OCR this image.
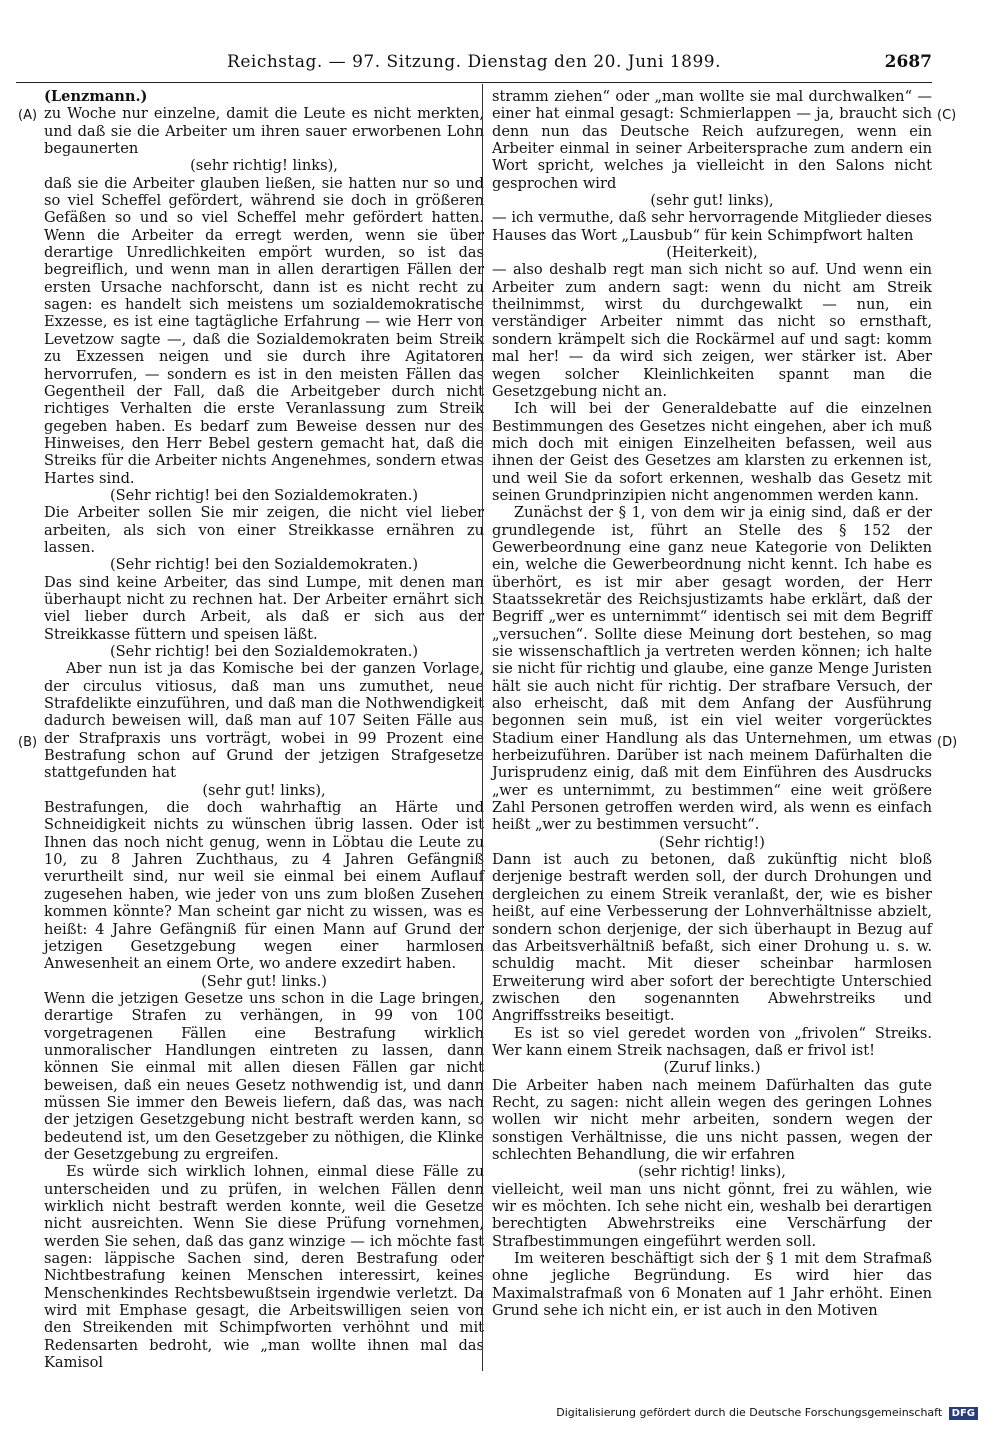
Reichstag. — 97. Sitzung. Dienstag den 20. Juni 1899.	2687

(Lenzmann.)

zu Woche nur einzelne, damit die Leute es nicht merkten, und daß sie die Arbeiter um ihren sauer erworbenen Lohn begaunerten

(sehr richtig! links),

daß sie die Arbeiter glauben ließen, sie hatten nur so und so viel Scheffel gefördert, während sie doch in größeren Gefäßen so und so viel Scheffel mehr gefördert hatten. Wenn die Arbeiter da erregt werden, wenn sie über derartige Unredlichkeiten empört wurden, so ist das begreiflich, und wenn man in allen derartigen Fällen der ersten Ursache nachforscht, dann ist es nicht recht zu sagen: es handelt sich meistens um sozialdemokratische Exzesse, es ist eine tagtägliche Erfahrung — wie Herr von Levetzow sagte —, daß die Sozialdemokraten beim Streik zu Exzessen neigen und sie durch ihre Agitatoren hervorrufen, — sondern es ist in den meisten Fällen das Gegentheil der Fall, daß die Arbeitgeber durch nicht richtiges Verhalten die erste Veranlassung zum Streik gegeben haben. Es bedarf zum Beweise dessen nur des Hinweises, den Herr Bebel gestern gemacht hat, daß die Streiks für die Arbeiter nichts Angenehmes, sondern etwas Hartes sind.

(Sehr richtig! bei den Sozialdemokraten.)

Die Arbeiter sollen Sie mir zeigen, die nicht viel lieber arbeiten, als sich von einer Streikkasse ernähren zu lassen.

(Sehr richtig! bei den Sozialdemokraten.)

Das sind keine Arbeiter, das sind Lumpe, mit denen man überhaupt nicht zu rechnen hat. Der Arbeiter ernährt sich viel lieber durch Arbeit, als daß er sich aus der Streikkasse füttern und speisen läßt.

(Sehr richtig! bei den Sozialdemokraten.)

Aber nun ist ja das Komische bei der ganzen Vorlage, der circulus vitiosus, daß man uns zumuthet, neue Strafdelikte einzuführen, und daß man die Nothwendigkeit dadurch beweisen will, daß man auf 107 Seiten Fälle aus der Strafpraxis uns vorträgt, wobei in 99 Prozent eine Bestrafung schon auf Grund der jetzigen Strafgesetze stattgefunden hat

(sehr gut! links),

Bestrafungen, die doch wahrhaftig an Härte und Schneidigkeit nichts zu wünschen übrig lassen. Oder ist Ihnen das noch nicht genug, wenn in Löbtau die Leute zu 10, zu 8 Jahren Zuchthaus, zu 4 Jahren Gefängniß verurtheilt sind, nur weil sie einmal bei einem Auflauf zugesehen haben, wie jeder von uns zum bloßen Zusehen kommen könnte? Man scheint gar nicht zu wissen, was es heißt: 4 Jahre Gefängniß für einen Mann auf Grund der jetzigen Gesetzgebung wegen einer harmlosen Anwesenheit an einem Orte, wo andere exzedirt haben.

(Sehr gut! links.)

Wenn die jetzigen Gesetze uns schon in die Lage bringen, derartige Strafen zu verhängen, in 99 von 100 vorgetragenen Fällen eine Bestrafung wirklich unmoralischer Handlungen eintreten zu lassen, dann können Sie einmal mit allen diesen Fällen gar nicht beweisen, daß ein neues Gesetz nothwendig ist, und dann müssen Sie immer den Beweis liefern, daß das, was nach der jetzigen Gesetzgebung nicht bestraft werden kann, so bedeutend ist, um den Gesetzgeber zu nöthigen, die Klinke der Gesetzgebung zu ergreifen.

Es würde sich wirklich lohnen, einmal diese Fälle zu unterscheiden und zu prüfen, in welchen Fällen denn wirklich nicht bestraft werden konnte, weil die Gesetze nicht ausreichten. Wenn Sie diese Prüfung vornehmen, werden Sie sehen, daß das ganz winzige — ich möchte fast sagen: läppische Sachen sind, deren Bestrafung oder Nichtbestrafung keinen Menschen interessirt, keines Menschenkindes Rechtsbewußtsein irgendwie verletzt. Da wird mit Emphase gesagt, die Arbeitswilligen seien von den Streikenden mit Schimpfworten verhöhnt und mit Redensarten bedroht, wie „man wollte ihnen mal das Kamisol

stramm ziehen“ oder „man wollte sie mal durchwalken“ — einer hat einmal gesagt: Schmierlappen — ja, braucht sich denn nun das Deutsche Reich aufzuregen, wenn ein Arbeiter einmal in seiner Arbeitersprache zum andern ein Wort spricht, welches ja vielleicht in den Salons nicht gesprochen wird

(sehr gut! links),

— ich vermuthe, daß sehr hervorragende Mitglieder dieses Hauses das Wort „Lausbub“ für kein Schimpfwort halten

(Heiterkeit),

— also deshalb regt man sich nicht so auf. Und wenn ein Arbeiter zum andern sagt: wenn du nicht am Streik theilnimmst, wirst du durchgewalkt — nun, ein verständiger Arbeiter nimmt das nicht so ernsthaft, sondern krämpelt sich die Rockärmel auf und sagt: komm mal her! — da wird sich zeigen, wer stärker ist. Aber wegen solcher Kleinlichkeiten spannt man die Gesetzgebung nicht an.

Ich will bei der Generaldebatte auf die einzelnen Bestimmungen des Gesetzes nicht eingehen, aber ich muß mich doch mit einigen Einzelheiten befassen, weil aus ihnen der Geist des Gesetzes am klarsten zu erkennen ist, und weil Sie da sofort erkennen, weshalb das Gesetz mit seinen Grundprinzipien nicht angenommen werden kann.

Zunächst der § 1, von dem wir ja einig sind, daß er der grundlegende ist, führt an Stelle des § 152 der Gewerbeordnung eine ganz neue Kategorie von Delikten ein, welche die Gewerbeordnung nicht kennt. Ich habe es überhört, es ist mir aber gesagt worden, der Herr Staatssekretär des Reichsjustizamts habe erklärt, daß der Begriff „wer es unternimmt“ identisch sei mit dem Begriff „versuchen“. Sollte diese Meinung dort bestehen, so mag sie wissenschaftlich ja vertreten werden können; ich halte sie nicht für richtig und glaube, eine ganze Menge Juristen hält sie auch nicht für richtig. Der strafbare Versuch, der also erheischt, daß mit dem Anfang der Ausführung begonnen sein muß, ist ein viel weiter vorgerücktes Stadium einer Handlung als das Unternehmen, um etwas herbeizuführen. Darüber ist nach meinem Dafürhalten die Jurisprudenz einig, daß mit dem Einführen des Ausdrucks „wer es unternimmt, zu bestimmen“ eine weit größere Zahl Personen getroffen werden wird, als wenn es einfach heißt „wer zu bestimmen versucht“.

(Sehr richtig!)

Dann ist auch zu betonen, daß zukünftig nicht bloß derjenige bestraft werden soll, der durch Drohungen und dergleichen zu einem Streik veranlaßt, der, wie es bisher heißt, auf eine Verbesserung der Lohnverhältnisse abzielt, sondern schon derjenige, der sich überhaupt in Bezug auf das Arbeitsverhältniß befaßt, sich einer Drohung u. s. w. schuldig macht. Mit dieser scheinbar harmlosen Erweiterung wird aber sofort der berechtigte Unterschied zwischen den sogenannten Abwehrstreiks und Angriffsstreiks beseitigt.

Es ist so viel geredet worden von „frivolen“ Streiks. Wer kann einem Streik nachsagen, daß er frivol ist!

(Zuruf links.)

Die Arbeiter haben nach meinem Dafürhalten das gute Recht, zu sagen: nicht allein wegen des geringen Lohnes wollen wir nicht mehr arbeiten, sondern wegen der sonstigen Verhältnisse, die uns nicht passen, wegen der schlechten Behandlung, die wir erfahren

(sehr richtig! links),

vielleicht, weil man uns nicht gönnt, frei zu wählen, wie wir es möchten. Ich sehe nicht ein, weshalb bei derartigen berechtigten Abwehrstreiks eine Verschärfung der Strafbestimmungen eingeführt werden soll.

Im weiteren beschäftigt sich der § 1 mit dem Strafmaß ohne jegliche Begründung. Es wird hier das Maximalstrafmaß von 6 Monaten auf 1 Jahr erhöht. Einen Grund sehe ich nicht ein, er ist auch in den Motiven

(A)
(B)
(C)
(D)
Digitalisierung gefördert durch die Deutsche Forschungsgemeinschaft DFG
